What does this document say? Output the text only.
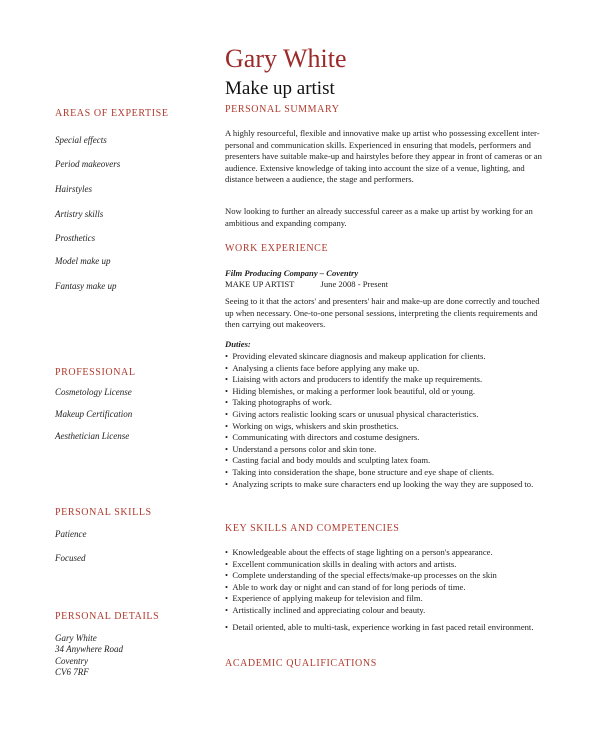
Gary White
Make up artist
AREAS OF EXPERTISE
Special effects
Period makeovers
Hairstyles
Artistry skills
Prosthetics
Model make up
Fantasy make up
PROFESSIONAL
Cosmetology License
Makeup Certification
Aesthetician License
PERSONAL SKILLS
Patience
Focused
PERSONAL DETAILS
Gary White
34 Anywhere Road
Coventry
CV6 7RF
PERSONAL SUMMARY
A highly resourceful, flexible and innovative make up artist who possessing excellent inter-personal and communication skills. Experienced in ensuring that models, performers and presenters have suitable make-up and hairstyles before they appear in front of cameras or an audience. Extensive knowledge of taking into account the size of a venue, lighting, and distance between a audience, the stage and performers.
Now looking to further an already successful career as a make up artist by working for an ambitious and expanding company.
WORK EXPERIENCE
Film Producing Company – Coventry
MAKE UP ARTIST	June 2008 - Present
Seeing to it that the actors' and presenters' hair and make-up are done correctly and touched up when necessary. One-to-one personal sessions, interpreting the clients requirements and then carrying out makeovers.
Duties:
•  Providing elevated skincare diagnosis and makeup application for clients.
•  Analysing a clients face before applying any make up.
•  Liaising with actors and producers to identify the make up requirements.
•  Hiding blemishes, or making a performer look beautiful, old or young.
•  Taking photographs of work.
•  Giving actors realistic looking scars or unusual physical characteristics.
•  Working on wigs, whiskers and skin prosthetics.
•  Communicating with directors and costume designers.
•  Understand a persons color and skin tone.
•  Casting facial and body moulds and sculpting latex foam.
•  Taking into consideration the shape, bone structure and eye shape of clients.
•  Analyzing scripts to make sure characters end up looking the way they are supposed to.
KEY SKILLS AND COMPETENCIES
•  Knowledgeable about the effects of stage lighting on a person's appearance.
•  Excellent communication skills in dealing with actors and artists.
•  Complete understanding of the special effects/make-up processes on the skin
•  Able to work day or night and can stand of for long periods of time.
•  Experience of applying makeup for television and film.
•  Artistically inclined and appreciating colour and beauty.
•  Detail oriented, able to multi-task, experience working in fast paced retail environment.
ACADEMIC QUALIFICATIONS
